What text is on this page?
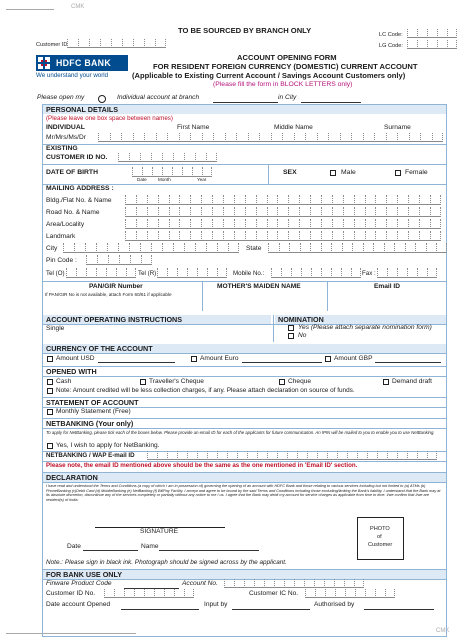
CMK
CMK
TO BE SOURCED BY BRANCH ONLY
Customer ID
LC Code:
LG Code:
HDFC BANK
We understand your world
ACCOUNT OPENING FORM
FOR RESIDENT FOREIGN CURRENCY (DOMESTIC) CURRENT ACCOUNT
(Applicable to Existing Current Account / Savings Account Customers only)
(Please fill the form in BLOCK LETTERS only)
Please open my	Individual account at branch	in City
PERSONAL DETAILS
(Please leave one box space between names)
INDIVIDUAL	First Name	Middle Name	Surname
Mr/Mrs/Ms/Dr
EXISTING
CUSTOMER ID NO.
DATE OF BIRTH
Date Month	Year
SEX	Male	Female
MAILING ADDRESS :
Bldg./Flat No. & Name
Road No. & Name
Area/Locality
Landmark
City	State
Pin Code :
Tel (O)	Tel (R)	Mobile No.:	Fax :
PAN/GIR Number
If PAN/GIR No is not available, attach Form 60/61 if applicable
MOTHER'S MAIDEN NAME	Email ID
ACCOUNT OPERATING INSTRUCTIONS
Single
NOMINATION
Yes (Please attach separate nomination form)
No
CURRENCY OF THE ACCOUNT
Amount USD	Amount Euro	Amount GBP
OPENED WITH
Cash	Traveller's Cheque	Cheque	Demand draft
Note: Amount credited will be less collection charges, if any. Please attach declaration on source of funds.
STATEMENT OF ACCOUNT
Monthly Statement (Free)
NETBANKING (Your only)
To apply for NetBanking, please tick each of the boxes below. Please provide an email ID for each of the applicants for future communication. An IPIN will be mailed to you to enable you to use NetBanking.
Yes, I wish to apply for NetBanking.
NETBANKING / WAP E-mail ID
Please note, the email ID mentioned above should be the same as the one mentioned in 'Email ID' section.
DECLARATION
I have read and understood the Terms and Conditions (a copy of which I am in possession of) governing the opening of an account with HDFC Bank and those relating to various services including but not limited to (a) ATMs (b) PhoneBanking (c)Debit Card (d) MobileBanking (e) NetBanking (f) BillPay Facility. I accept and agree to be bound by the said Terms and Conditions including those excluding/limiting the Bank's liability. I understand that the Bank may at its absolute discretion, discontinue any of the services completely or partially without any notice to me / us. I agree that the Bank may debit my account for service charges as applicable from time to time. I/we confirm that I/we are resident(s) of India.
SIGNATURE
Date	Name
PHOTO
of
Customer
Note.: Please sign in black ink. Photograph should be signed across by the applicant.
FOR BANK USE ONLY
Finware Product Code	Account No.
Customer ID No.	Customer IC No.
Date account Opened	Input by	Authorised by
